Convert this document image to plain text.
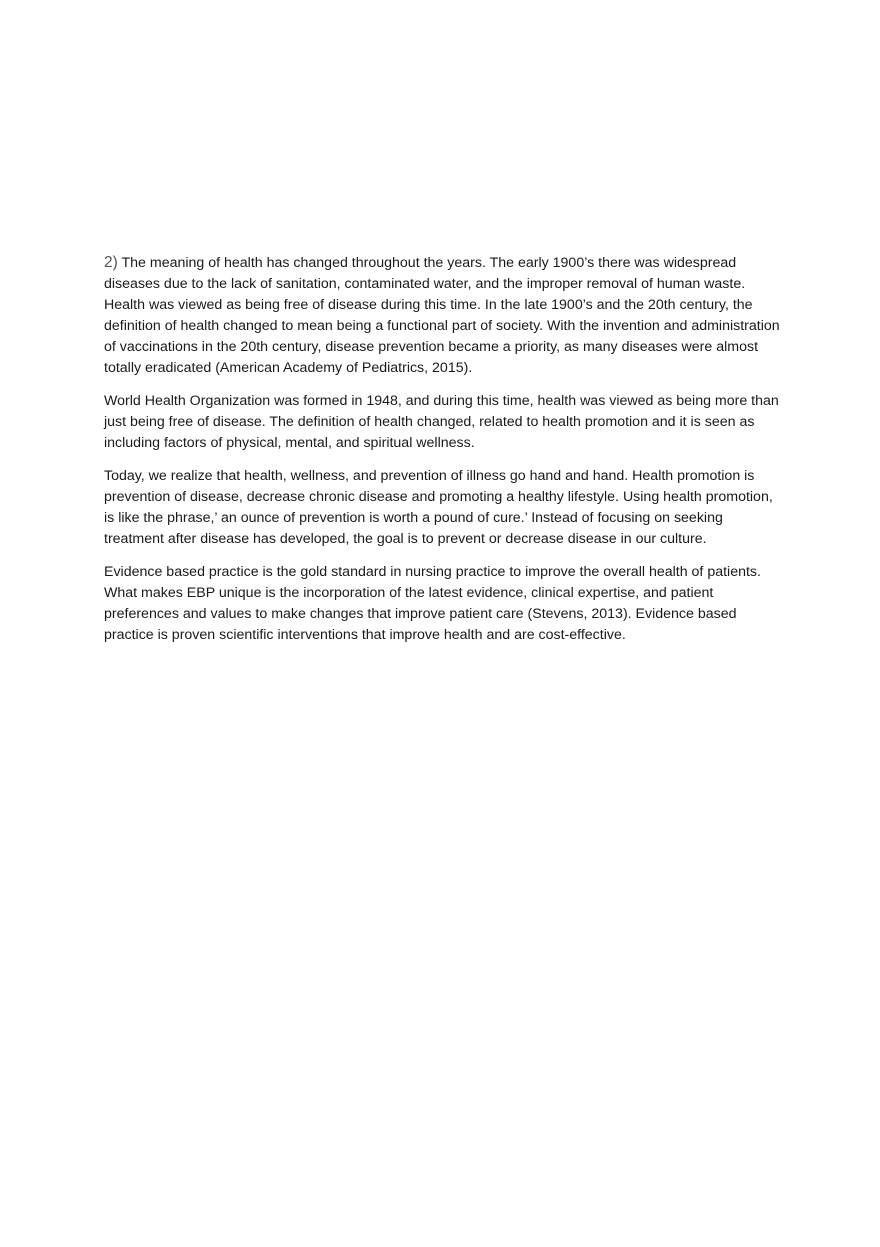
2) The meaning of health has changed throughout the years. The early 1900’s there was widespread diseases due to the lack of sanitation, contaminated water, and the improper removal of human waste. Health was viewed as being free of disease during this time. In the late 1900’s and the 20th century, the definition of health changed to mean being a functional part of society. With the invention and administration of vaccinations in the 20th century, disease prevention became a priority, as many diseases were almost totally eradicated (American Academy of Pediatrics, 2015).

World Health Organization was formed in 1948, and during this time, health was viewed as being more than just being free of disease. The definition of health changed, related to health promotion and it is seen as including factors of physical, mental, and spiritual wellness.

Today, we realize that health, wellness, and prevention of illness go hand and hand. Health promotion is prevention of disease, decrease chronic disease and promoting a healthy lifestyle. Using health promotion, is like the phrase,’ an ounce of prevention is worth a pound of cure.’ Instead of focusing on seeking treatment after disease has developed, the goal is to prevent or decrease disease in our culture.

Evidence based practice is the gold standard in nursing practice to improve the overall health of patients. What makes EBP unique is the incorporation of the latest evidence, clinical expertise, and patient preferences and values to make changes that improve patient care (Stevens, 2013). Evidence based practice is proven scientific interventions that improve health and are cost-effective.
